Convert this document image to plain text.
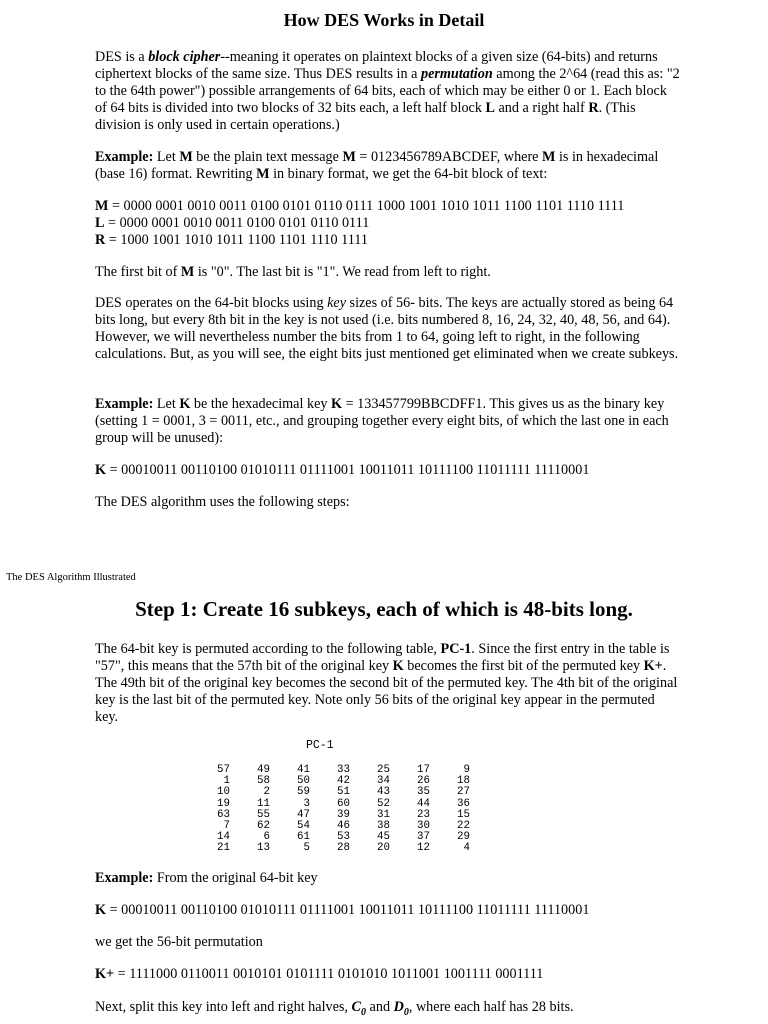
How DES Works in Detail

DES is a block cipher--meaning it operates on plaintext blocks of a given size (64-bits) and returns ciphertext blocks of the same size. Thus DES results in a permutation among the 2^64 (read this as: "2 to the 64th power") possible arrangements of 64 bits, each of which may be either 0 or 1. Each block of 64 bits is divided into two blocks of 32 bits each, a left half block L and a right half R. (This division is only used in certain operations.)

Example: Let M be the plain text message M = 0123456789ABCDEF, where M is in hexadecimal (base 16) format. Rewriting M in binary format, we get the 64-bit block of text:

M = 0000 0001 0010 0011 0100 0101 0110 0111 1000 1001 1010 1011 1100 1101 1110 1111

L = 0000 0001 0010 0011 0100 0101 0110 0111

R = 1000 1001 1010 1011 1100 1101 1110 1111

The first bit of M is "0". The last bit is "1". We read from left to right.

DES operates on the 64-bit blocks using key sizes of 56- bits. The keys are actually stored as being 64 bits long, but every 8th bit in the key is not used (i.e. bits numbered 8, 16, 24, 32, 40, 48, 56, and 64). However, we will nevertheless number the bits from 1 to 64, going left to right, in the following calculations. But, as you will see, the eight bits just mentioned get eliminated when we create subkeys.

Example: Let K be the hexadecimal key K = 133457799BBCDFF1. This gives us as the binary key (setting 1 = 0001, 3 = 0011, etc., and grouping together every eight bits, of which the last one in each group will be unused):

K = 00010011 00110100 01010111 01111001 10011011 10111100 11011111 11110001

The DES algorithm uses the following steps:

The DES Algorithm Illustrated
Step 1: Create 16 subkeys, each of which is 48-bits long.

The 64-bit key is permuted according to the following table, PC-1. Since the first entry in the table is "57", this means that the 57th bit of the original key K becomes the first bit of the permuted key K+. The 49th bit of the original key becomes the second bit of the permuted key. The 4th bit of the original key is the last bit of the permuted key. Note only 56 bits of the original key appear in the permuted key.

PC-1
57	49	41	33	25	17	9
1	58	50	42	34	26	18
10	2	59	51	43	35	27
19	11	3	60	52	44	36
63	55	47	39	31	23	15
7	62	54	46	38	30	22
14	6	61	53	45	37	29
21	13	5	28	20	12	4

Example: From the original 64-bit key

K = 00010011 00110100 01010111 01111001 10011011 10111100 11011111 11110001

we get the 56-bit permutation

K+ = 1111000 0110011 0010101 0101111 0101010 1011001 1001111 0001111

Next, split this key into left and right halves, $C_0$ and $D_0$, where each half has 28 bits.
